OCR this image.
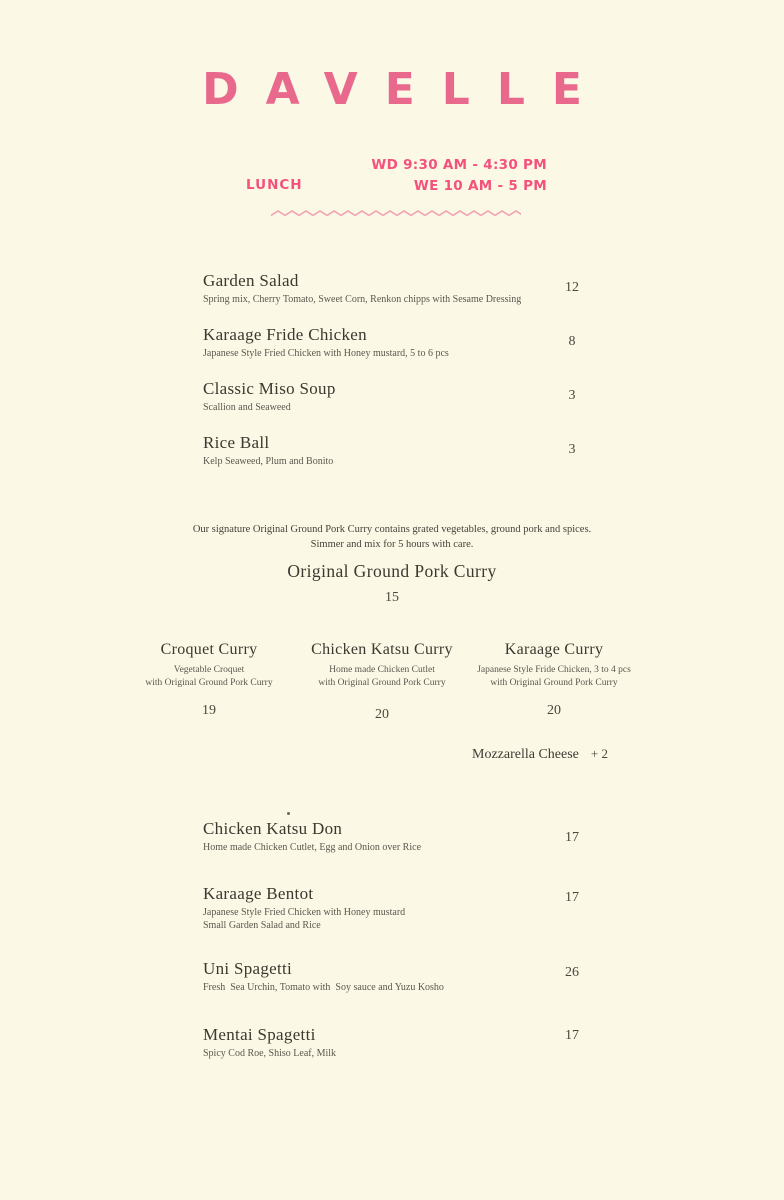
DAVELLE
LUNCH
WD 9:30 AM - 4:30 PM
WE 10 AM - 5 PM
Garden Salad
Spring mix, Cherry Tomato, Sweet Corn, Renkon chipps with Sesame Dressing
12
Karaage Fride Chicken
Japanese Style Fried Chicken with Honey mustard, 5 to 6 pcs
8
Classic Miso Soup
Scallion and Seaweed
3
Rice Ball
Kelp Seaweed, Plum and Bonito
3
Our signature Original Ground Pork Curry contains grated vegetables, ground pork and spices.
Simmer and mix for 5 hours with care.
Original Ground Pork Curry
15
Croquet Curry
Vegetable Croquet
with Original Ground Pork Curry
19
Chicken Katsu Curry
Home made Chicken Cutlet
with Original Ground Pork Curry
20
Karaage Curry
Japanese Style Fride Chicken, 3 to 4 pcs
with Original Ground Pork Curry
20
Mozzarella Cheese + 2
Chicken Katsu Don
Home made Chicken Cutlet, Egg and Onion over Rice
17
Karaage Bentot
Japanese Style Fried Chicken with Honey mustard
Small Garden Salad and Rice
17
Uni Spagetti
Fresh  Sea Urchin, Tomato with  Soy sauce and Yuzu Kosho
26
Mentai Spagetti
Spicy Cod Roe, Shiso Leaf, Milk
17
